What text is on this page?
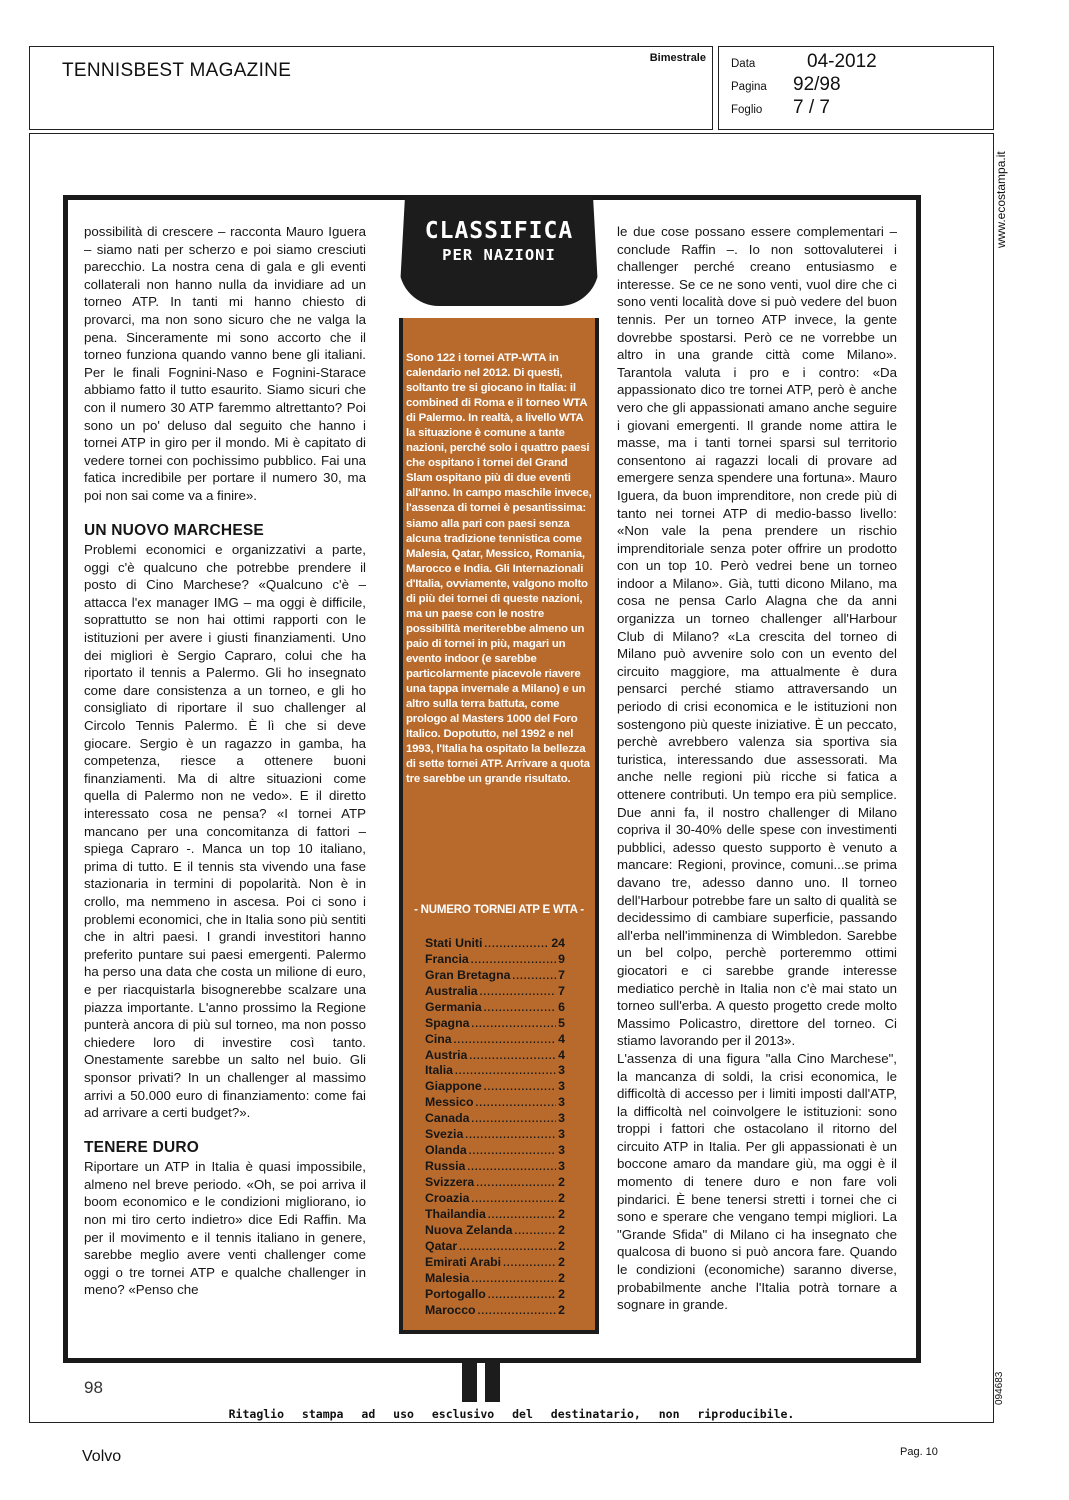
TENNISBEST MAGAZINE
Bimestrale Data	04-2012
Pagina	92/98
Foglio	7 / 7
www.ecostampa.it
094683
CLASSIFICA
PER NAZIONI
Sono 122 i tornei ATP-WTA in calendario nel 2012. Di questi, soltanto tre si giocano in Italia: il combined di Roma e il torneo WTA di Palermo. In realtà, a livello WTA la situazione è comune a tante nazioni, perché solo i quattro paesi che ospitano i tornei del Grand Slam ospitano più di due eventi all'anno. In campo maschile invece, l'assenza di tornei è pesantissima: siamo alla pari con paesi senza alcuna tradizione tennistica come Malesia, Qatar, Messico, Romania, Marocco e India. Gli Internazionali d'Italia, ovviamente, valgono molto di più dei tornei di queste nazioni, ma un paese con le nostre possibilità meriterebbe almeno un paio di tornei in più, magari un evento indoor (e sarebbe particolarmente piacevole riavere una tappa invernale a Milano) e un altro sulla terra battuta, come prologo al Masters 1000 del Foro Italico. Dopotutto, nel 1992 e nel 1993, l'Italia ha ospitato la bellezza di sette tornei ATP. Arrivare a quota tre sarebbe un grande risultato.
- NUMERO TORNEI ATP E WTA -
Stati Uniti .....	24
Francia .....	9
Gran Bretagna .....	7
Australia .....	7
Germania .....	6
Spagna .....	5
Cina .....	4
Austria .....	4
Italia .....	3
Giappone .....	3
Messico .....	3
Canada .....	3
Svezia .....	3
Olanda .....	3
Russia .....	3
Svizzera .....	2
Croazia .....	2
Thailandia .....	2
Nuova Zelanda .....	2
Qatar .....	2
Emirati Arabi .....	2
Malesia .....	2
Portogallo .....	2
Marocco .....	2

possibilità di crescere – racconta Mauro Iguera – siamo nati per scherzo e poi siamo cresciuti parecchio. La nostra cena di gala e gli eventi collaterali non hanno nulla da invidiare ad un torneo ATP. In tanti mi hanno chiesto di provarci, ma non sono sicuro che ne valga la pena. Sinceramente mi sono accorto che il torneo funziona quando vanno bene gli italiani. Per le finali Fognini-Naso e Fognini-Starace abbiamo fatto il tutto esaurito. Siamo sicuri che con il numero 30 ATP faremmo altrettanto? Poi sono un po' deluso dal seguito che hanno i tornei ATP in giro per il mondo. Mi è capitato di vedere tornei con pochissimo pubblico. Fai una fatica incredibile per portare il numero 30, ma poi non sai come va a finire».

UN NUOVO MARCHESE

Problemi economici e organizzativi a parte, oggi c'è qualcuno che potrebbe prendere il posto di Cino Marchese? «Qualcuno c'è – attacca l'ex manager IMG – ma oggi è difficile, soprattutto se non hai ottimi rapporti con le istituzioni per avere i giusti finanziamenti. Uno dei migliori è Sergio Capraro, colui che ha riportato il tennis a Palermo. Gli ho insegnato come dare consistenza a un torneo, e gli ho consigliato di riportare il suo challenger al Circolo Tennis Palermo. È lì che si deve giocare. Sergio è un ragazzo in gamba, ha competenza, riesce a ottenere buoni finanziamenti. Ma di altre situazioni come quella di Palermo non ne vedo». E il diretto interessato cosa ne pensa? «I tornei ATP mancano per una concomitanza di fattori – spiega Capraro -. Manca un top 10 italiano, prima di tutto. E il tennis sta vivendo una fase stazionaria in termini di popolarità. Non è in crollo, ma nemmeno in ascesa. Poi ci sono i problemi economici, che in Italia sono più sentiti che in altri paesi. I grandi investitori hanno preferito puntare sui paesi emergenti. Palermo ha perso una data che costa un milione di euro, e per riacquistarla bisognerebbe scalzare una piazza importante. L'anno prossimo la Regione punterà ancora di più sul torneo, ma non posso chiedere loro di investire così tanto. Onestamente sarebbe un salto nel buio. Gli sponsor privati? In un challenger al massimo arrivi a 50.000 euro di finanziamento: come fai ad arrivare a certi budget?».

TENERE DURO

Riportare un ATP in Italia è quasi impossibile, almeno nel breve periodo. «Oh, se poi arriva il boom economico e le condizioni migliorano, io non mi tiro certo indietro» dice Edi Raffin. Ma per il movimento e il tennis italiano in genere, sarebbe meglio avere venti challenger come oggi o tre tornei ATP e qualche challenger in meno? «Penso che

le due cose possano essere complementari – conclude Raffin –. Io non sottovaluterei i challenger perché creano entusiasmo e interesse. Se ce ne sono venti, vuol dire che ci sono venti località dove si può vedere del buon tennis. Per un torneo ATP invece, la gente dovrebbe spostarsi. Però ce ne vorrebbe un altro in una grande città come Milano». Tarantola valuta i pro e i contro: «Da appassionato dico tre tornei ATP, però è anche vero che gli appassionati amano anche seguire i giovani emergenti. Il grande nome attira le masse, ma i tanti tornei sparsi sul territorio consentono ai ragazzi locali di provare ad emergere senza spendere una fortuna». Mauro Iguera, da buon imprenditore, non crede più di tanto nei tornei ATP di medio-basso livello: «Non vale la pena prendere un rischio imprenditoriale senza poter offrire un prodotto con un top 10. Però vedrei bene un torneo indoor a Milano». Già, tutti dicono Milano, ma cosa ne pensa Carlo Alagna che da anni organizza un torneo challenger all'Harbour Club di Milano? «La crescita del torneo di Milano può avvenire solo con un evento del circuito maggiore, ma attualmente è dura pensarci perché stiamo attraversando un periodo di crisi economica e le istituzioni non sostengono più queste iniziative. È un peccato, perchè avrebbero valenza sia sportiva sia turistica, interessando due assessorati. Ma anche nelle regioni più ricche si fatica a ottenere contributi. Un tempo era più semplice. Due anni fa, il nostro challenger di Milano copriva il 30-40% delle spese con investimenti pubblici, adesso questo supporto è venuto a mancare: Regioni, province, comuni...se prima davano tre, adesso danno uno. Il torneo dell'Harbour potrebbe fare un salto di qualità se decidessimo di cambiare superficie, passando all'erba nell'imminenza di Wimbledon. Sarebbe un bel colpo, perchè porteremmo ottimi giocatori e ci sarebbe grande interesse mediatico perchè in Italia non c'è mai stato un torneo sull'erba. A questo progetto crede molto Massimo Policastro, direttore del torneo. Ci stiamo lavorando per il 2013».

L'assenza di una figura "alla Cino Marchese", la mancanza di soldi, la crisi economica, le difficoltà di accesso per i limiti imposti dall'ATP, la difficoltà nel coinvolgere le istituzioni: sono troppi i fattori che ostacolano il ritorno del circuito ATP in Italia. Per gli appassionati è un boccone amaro da mandare giù, ma oggi è il momento di tenere duro e non fare voli pindarici. È bene tenersi stretti i tornei che ci sono e sperare che vengano tempi migliori. La "Grande Sfida" di Milano ci ha insegnato che qualcosa di buono si può ancora fare. Quando le condizioni (economiche) saranno diverse, probabilmente anche l'Italia potrà tornare a sognare in grande.

98
Ritaglio stampa ad uso esclusivo del destinatario, non riproducibile.
Volvo	Pag. 10
